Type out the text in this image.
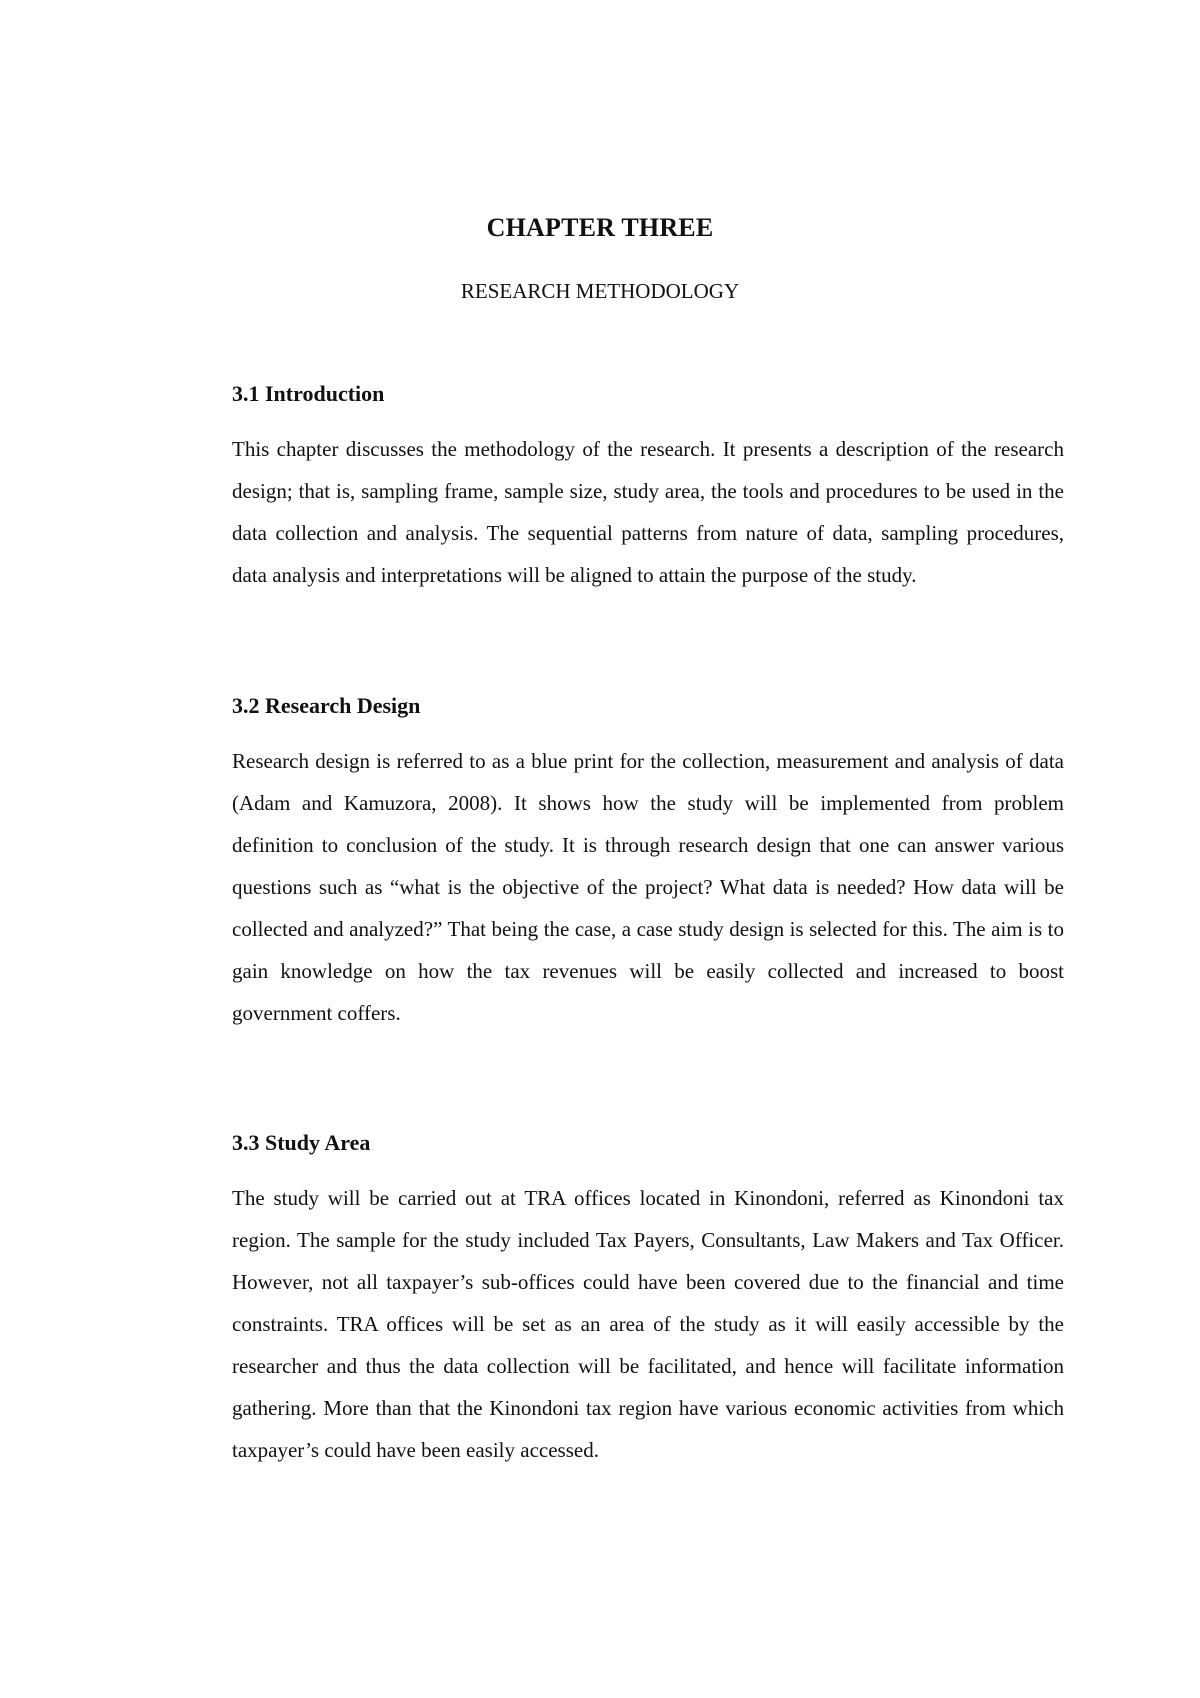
CHAPTER THREE
RESEARCH METHODOLOGY
3.1 Introduction

This chapter discusses the methodology of the research. It presents a description of the research design; that is, sampling frame, sample size, study area, the tools and procedures to be used in the data collection and analysis. The sequential patterns from nature of data, sampling procedures, data analysis and interpretations will be aligned to attain the purpose of the study.

3.2 Research Design

Research design is referred to as a blue print for the collection, measurement and analysis of data (Adam and Kamuzora, 2008). It shows how the study will be implemented from problem definition to conclusion of the study. It is through research design that one can answer various questions such as “what is the objective of the project? What data is needed? How data will be collected and analyzed?” That being the case, a case study design is selected for this. The aim is to gain knowledge on how the tax revenues will be easily collected and increased to boost government coffers.

3.3 Study Area

The study will be carried out at TRA offices located in Kinondoni, referred as Kinondoni tax region. The sample for the study included Tax Payers, Consultants, Law Makers and Tax Officer. However, not all taxpayer’s sub-offices could have been covered due to the financial and time constraints. TRA offices will be set as an area of the study as it will easily accessible by the researcher and thus the data collection will be facilitated, and hence will facilitate information gathering. More than that the Kinondoni tax region have various economic activities from which taxpayer’s could have been easily accessed.
